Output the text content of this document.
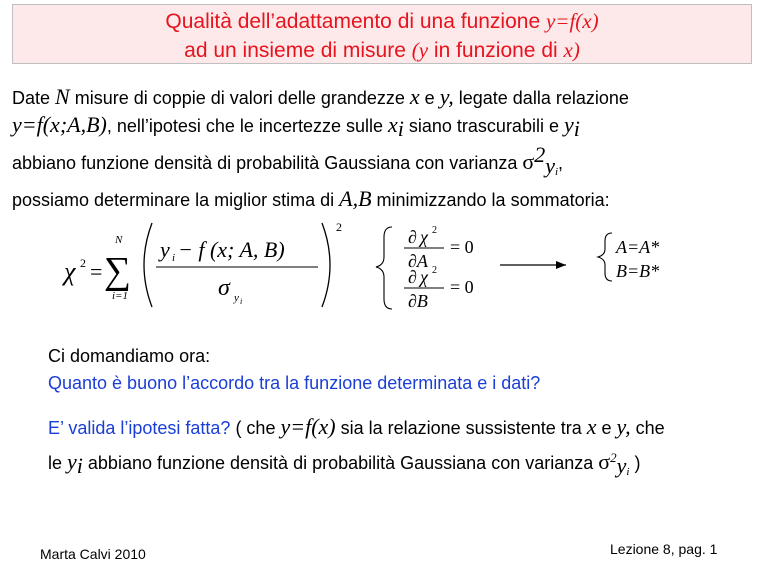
Qualità dell’adattamento di una funzione y=f(x)
ad un insieme di misure (y in funzione di x)
Date N misure di coppie di valori delle grandezze x e y, legate dalla relazione
y=f(x;A,B), nell’ipotesi che le incertezze sulle xi siano trascurabili e yi
abbiano funzione densità di probabilità Gaussiana con varianza $\sigma^2y_i$,
possiamo determinare la miglior stima di A,B minimizzando la sommatoria:
χ 2 =
N
∑
i=1
2
y i − f (x; A, B)
σ y i
∂ χ 2
∂A
= 0
∂ χ 2
∂B
= 0
A=A*
B=B*
Ci domandiamo ora:
Quanto è buono l’accordo tra la funzione determinata e i dati?
E’ valida l’ipotesi fatta? ( che y=f(x) sia la relazione sussistente tra x e y, che
le yi abbiano funzione densità di probabilità Gaussiana con varianza $\sigma^2y_i$ )
Marta Calvi 2010	Lezione 8, pag. 1
